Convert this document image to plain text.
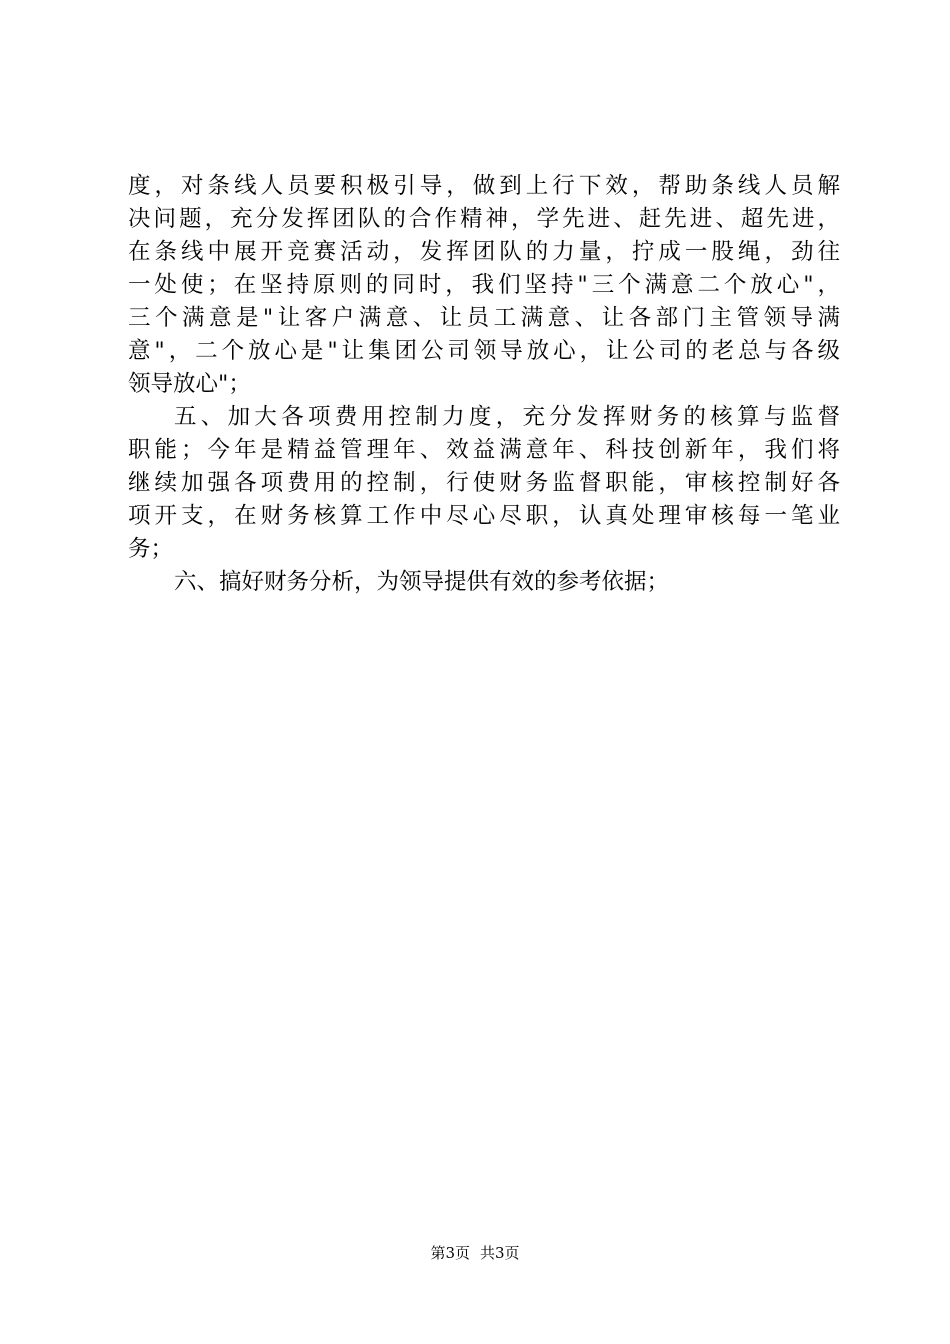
度，对条线人员要积极引导，做到上行下效，帮助条线人员解
决问题，充分发挥团队的合作精神，学先进、赶先进、超先进，
在条线中展开竞赛活动，发挥团队的力量，拧成一股绳，劲往
一处使；在坚持原则的同时，我们坚持"三个满意二个放心"，
三个满意是"让客户满意、让员工满意、让各部门主管领导满
意"，二个放心是"让集团公司领导放心，让公司的老总与各级
领导放心"；
五、加大各项费用控制力度，充分发挥财务的核算与监督
职能；今年是精益管理年、效益满意年、科技创新年，我们将
继续加强各项费用的控制，行使财务监督职能，审核控制好各
项开支，在财务核算工作中尽心尽职，认真处理审核每一笔业
务；
六、搞好财务分析，为领导提供有效的参考依据；
第3页 共3页
